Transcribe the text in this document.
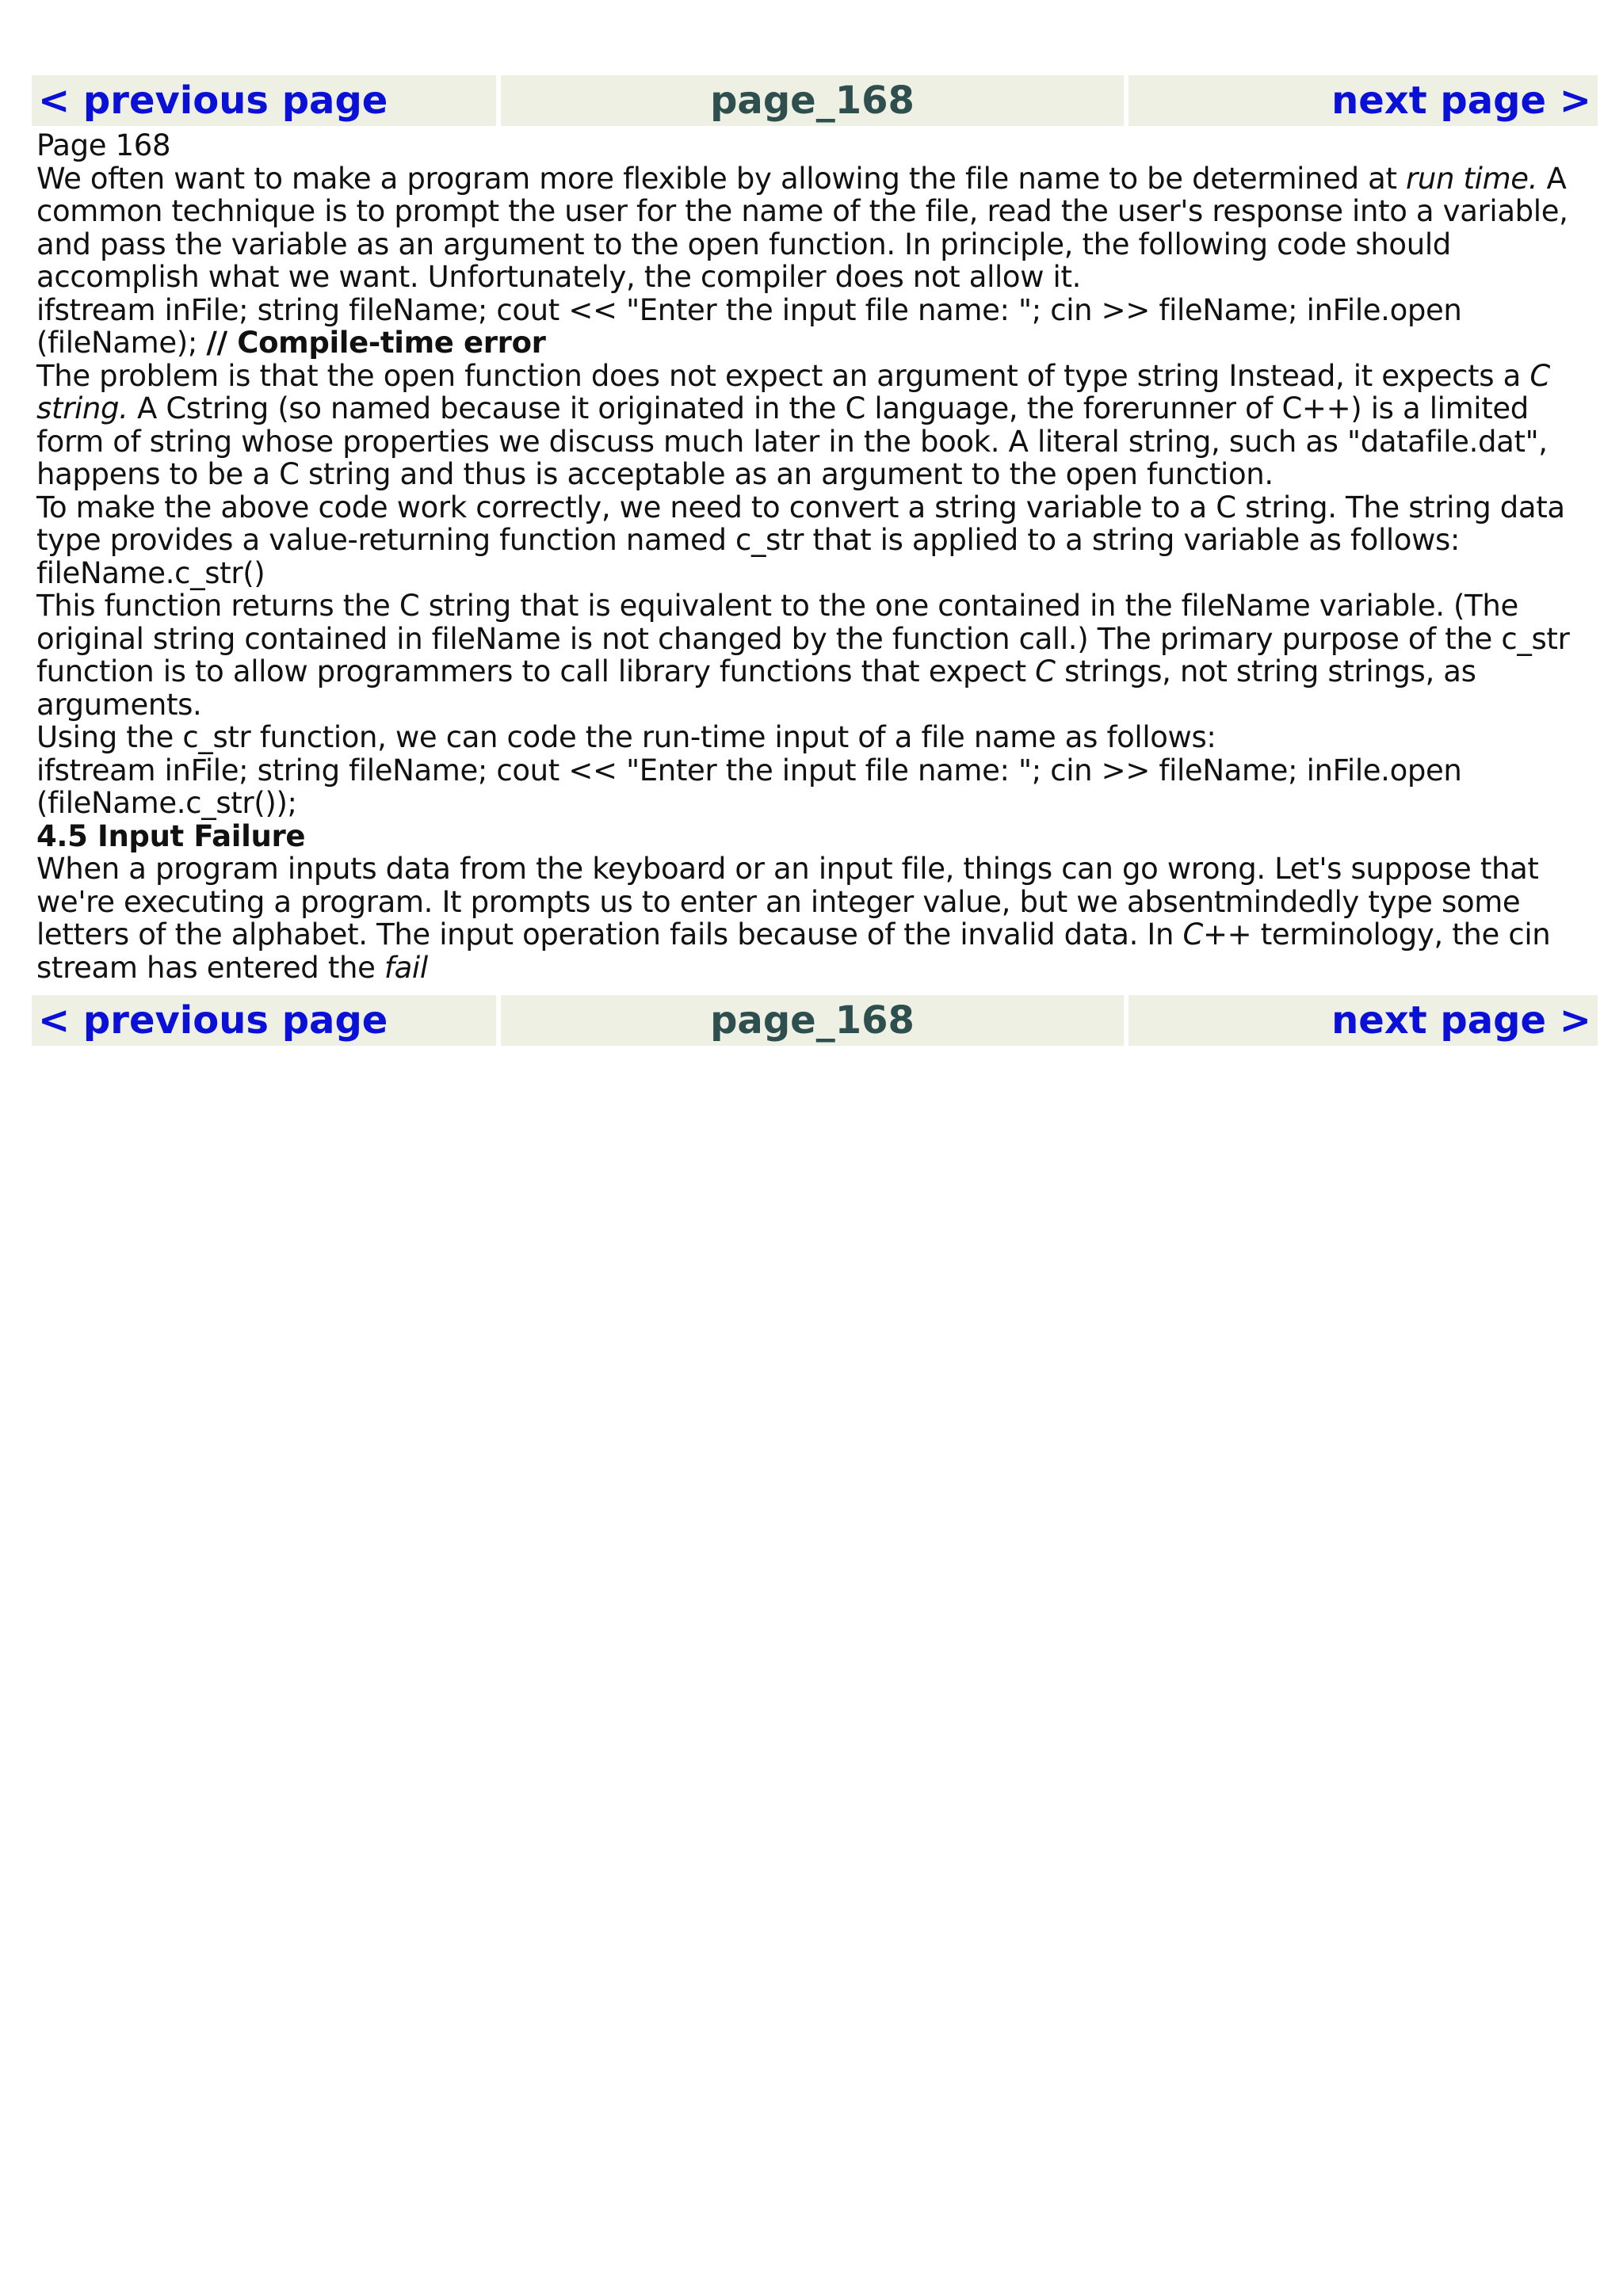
< previous page	page_168	next page >

Page 168

We often want to make a program more flexible by allowing the file name to be determined at run time. A common technique is to prompt the user for the name of the file, read the user's response into a variable, and pass the variable as an argument to the open function. In principle, the following code should accomplish what we want. Unfortunately, the compiler does not allow it.

ifstream inFile; string fileName; cout << "Enter the input file name: "; cin >> fileName; inFile.open (fileName); // Compile-time error

The problem is that the open function does not expect an argument of type string Instead, it expects a C string. A Cstring (so named because it originated in the C language, the forerunner of C++) is a limited form of string whose properties we discuss much later in the book. A literal string, such as "datafile.dat", happens to be a C string and thus is acceptable as an argument to the open function.

To make the above code work correctly, we need to convert a string variable to a C string. The string data type provides a value-returning function named c_str that is applied to a string variable as follows:

fileName.c_str()

This function returns the C string that is equivalent to the one contained in the fileName variable. (The original string contained in fileName is not changed by the function call.) The primary purpose of the c_str function is to allow programmers to call library functions that expect C strings, not string strings, as arguments.

Using the c_str function, we can code the run-time input of a file name as follows:

ifstream inFile; string fileName; cout << "Enter the input file name: "; cin >> fileName; inFile.open (fileName.c_str());

4.5 Input Failure

When a program inputs data from the keyboard or an input file, things can go wrong. Let's suppose that we're executing a program. It prompts us to enter an integer value, but we absentmindedly type some letters of the alphabet. The input operation fails because of the invalid data. In C++ terminology, the cin stream has entered the fail

< previous page	page_168	next page >
